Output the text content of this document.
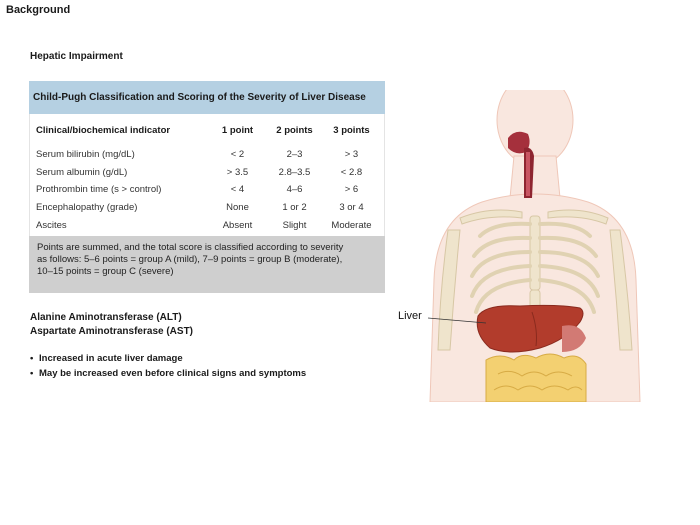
Background
Hepatic Impairment
Child-Pugh Classification and Scoring of the Severity of Liver Disease
Clinical/biochemical indicator	1 point	2 points	3 points
Serum bilirubin (mg/dL)	< 2	2–3	> 3
Serum albumin (g/dL)	> 3.5	2.8–3.5	< 2.8
Prothrombin time (s > control)	< 4	4–6	> 6
Encephalopathy (grade)	None	1 or 2	3 or 4
Ascites	Absent	Slight	Moderate
Points are summed, and the total score is classified according to severity
as follows: 5–6 points = group A (mild), 7–9 points = group B (moderate),
10–15 points = group C (severe)
Alanine Aminotransferase (ALT)
Aspartate Aminotransferase (AST)
• Increased in acute liver damage
• May be increased even before clinical signs and symptoms
Liver
